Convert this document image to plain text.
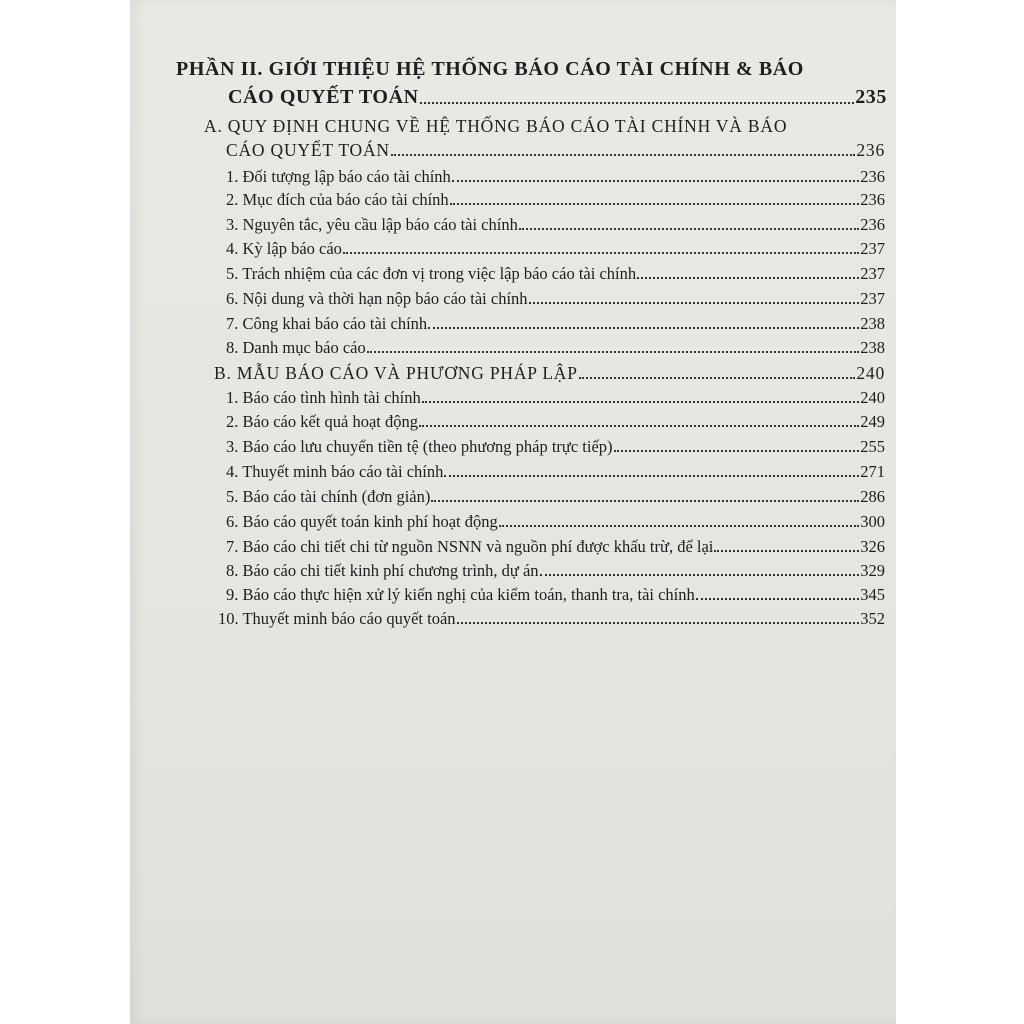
PHẦN II. GIỚI THIỆU HỆ THỐNG BÁO CÁO TÀI CHÍNH & BÁO
CÁO QUYẾT TOÁN	235
A. QUY ĐỊNH CHUNG VỀ HỆ THỐNG BÁO CÁO TÀI CHÍNH VÀ BÁO
CÁO QUYẾT TOÁN	236
1. Đối tượng lập báo cáo tài chính	236
2. Mục đích của báo cáo tài chính	236
3. Nguyên tắc, yêu cầu lập báo cáo tài chính	236
4. Kỳ lập báo cáo	237
5. Trách nhiệm của các đơn vị trong việc lập báo cáo tài chính	237
6. Nội dung và thời hạn nộp báo cáo tài chính	237
7. Công khai báo cáo tài chính	238
8. Danh mục báo cáo	238
B. MẪU BÁO CÁO VÀ PHƯƠNG PHÁP LẬP	240
1. Báo cáo tình hình tài chính	240
2. Báo cáo kết quả hoạt động	249
3. Báo cáo lưu chuyển tiền tệ (theo phương pháp trực tiếp)	255
4. Thuyết minh báo cáo tài chính	271
5. Báo cáo tài chính (đơn giản)	286
6. Báo cáo quyết toán kinh phí hoạt động	300
7. Báo cáo chi tiết chi từ nguồn NSNN và nguồn phí được khấu trừ, để lại	326
8. Báo cáo chi tiết kinh phí chương trình, dự án	329
9. Báo cáo thực hiện xử lý kiến nghị của kiểm toán, thanh tra, tài chính	345
10. Thuyết minh báo cáo quyết toán	352
